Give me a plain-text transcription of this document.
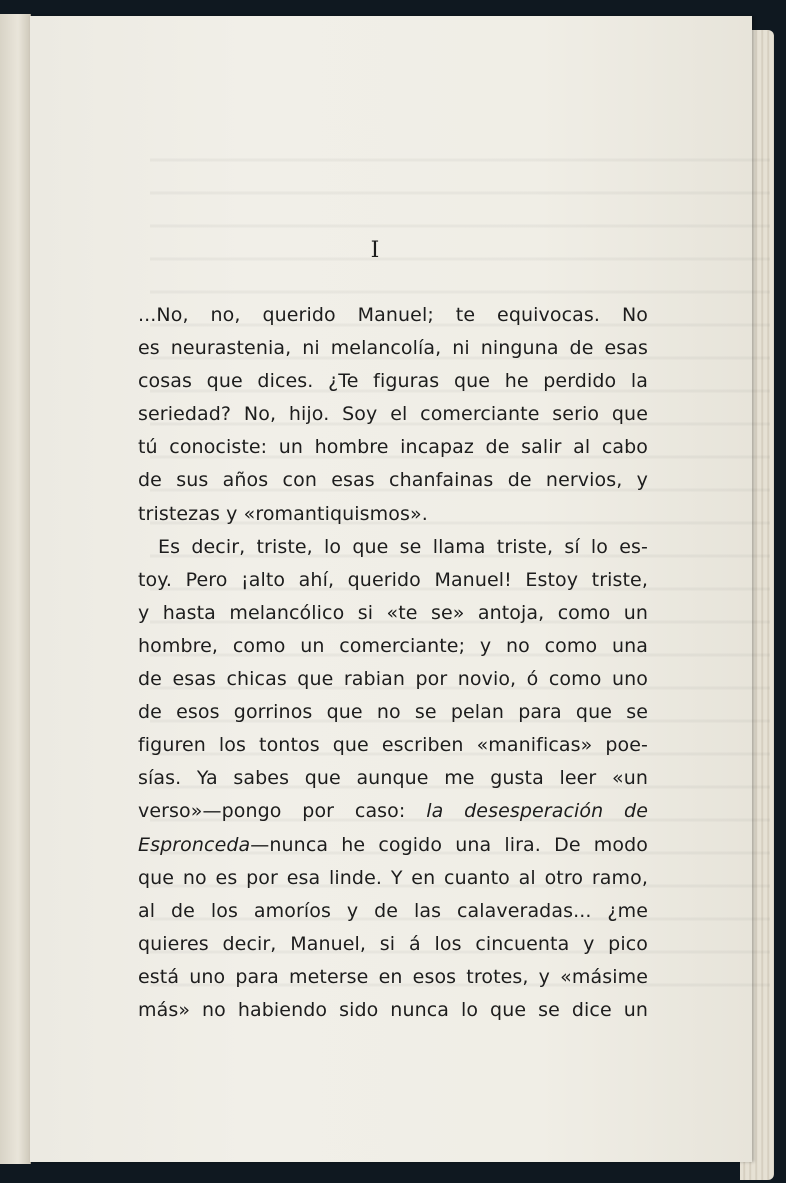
I
...No, no, querido Manuel; te equivocas. No
es neurastenia, ni melancolía, ni ninguna de esas
cosas que dices. ¿Te figuras que he perdido la
seriedad? No, hijo. Soy el comerciante serio que
tú conociste: un hombre incapaz de salir al cabo
de sus años con esas chanfainas de nervios, y
tristezas y «romantiquismos».
Es decir, triste, lo que se llama triste, sí lo es-
toy. Pero ¡alto ahí, querido Manuel! Estoy triste,
y hasta melancólico si «te se» antoja, como un
hombre, como un comerciante; y no como una
de esas chicas que rabian por novio, ó como uno
de esos gorrinos que no se pelan para que se
figuren los tontos que escriben «manificas» poe-
sías. Ya sabes que aunque me gusta leer «un
verso»—pongo por caso: la desesperación de
Espronceda—nunca he cogido una lira. De modo
que no es por esa linde. Y en cuanto al otro ramo,
al de los amoríos y de las calaveradas... ¿me
quieres decir, Manuel, si á los cincuenta y pico
está uno para meterse en esos trotes, y «másime
más» no habiendo sido nunca lo que se dice un
